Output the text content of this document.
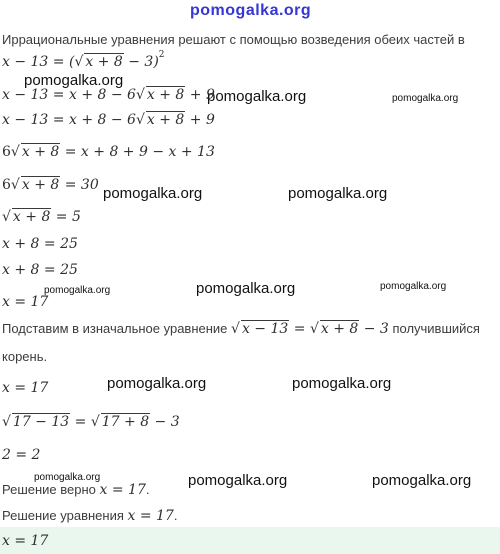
pomogalka.org
pomogalka.org
pomogalka.org	pomogalka.org
pomogalka.org	pomogalka.org
pomogalka.org	pomogalka.org	pomogalka.org
pomogalka.org	pomogalka.org
pomogalka.org	pomogalka.org	pomogalka.org
Иррациональные уравнения решают с помощью возведения обеих частей в
x − 13 = (√ x + 8 − 3)$^2$
x − 13 = x + 8 − 6√ x + 8 + 9
x − 13 = x + 8 − 6√ x + 8 + 9
6√ x + 8 = x + 8 + 9 − x + 13
6√ x + 8 = 30
√ x + 8 = 5
x + 8 = 25
x + 8 = 25
x = 17
Подставим в изначальное уравнение √ x − 13 = √ x + 8 − 3 получившийся
корень.
x = 17
√ 17 − 13 = √ 17 + 8 − 3
2 = 2
Решение верно x = 17.
Решение уравнения x = 17.
x = 17
